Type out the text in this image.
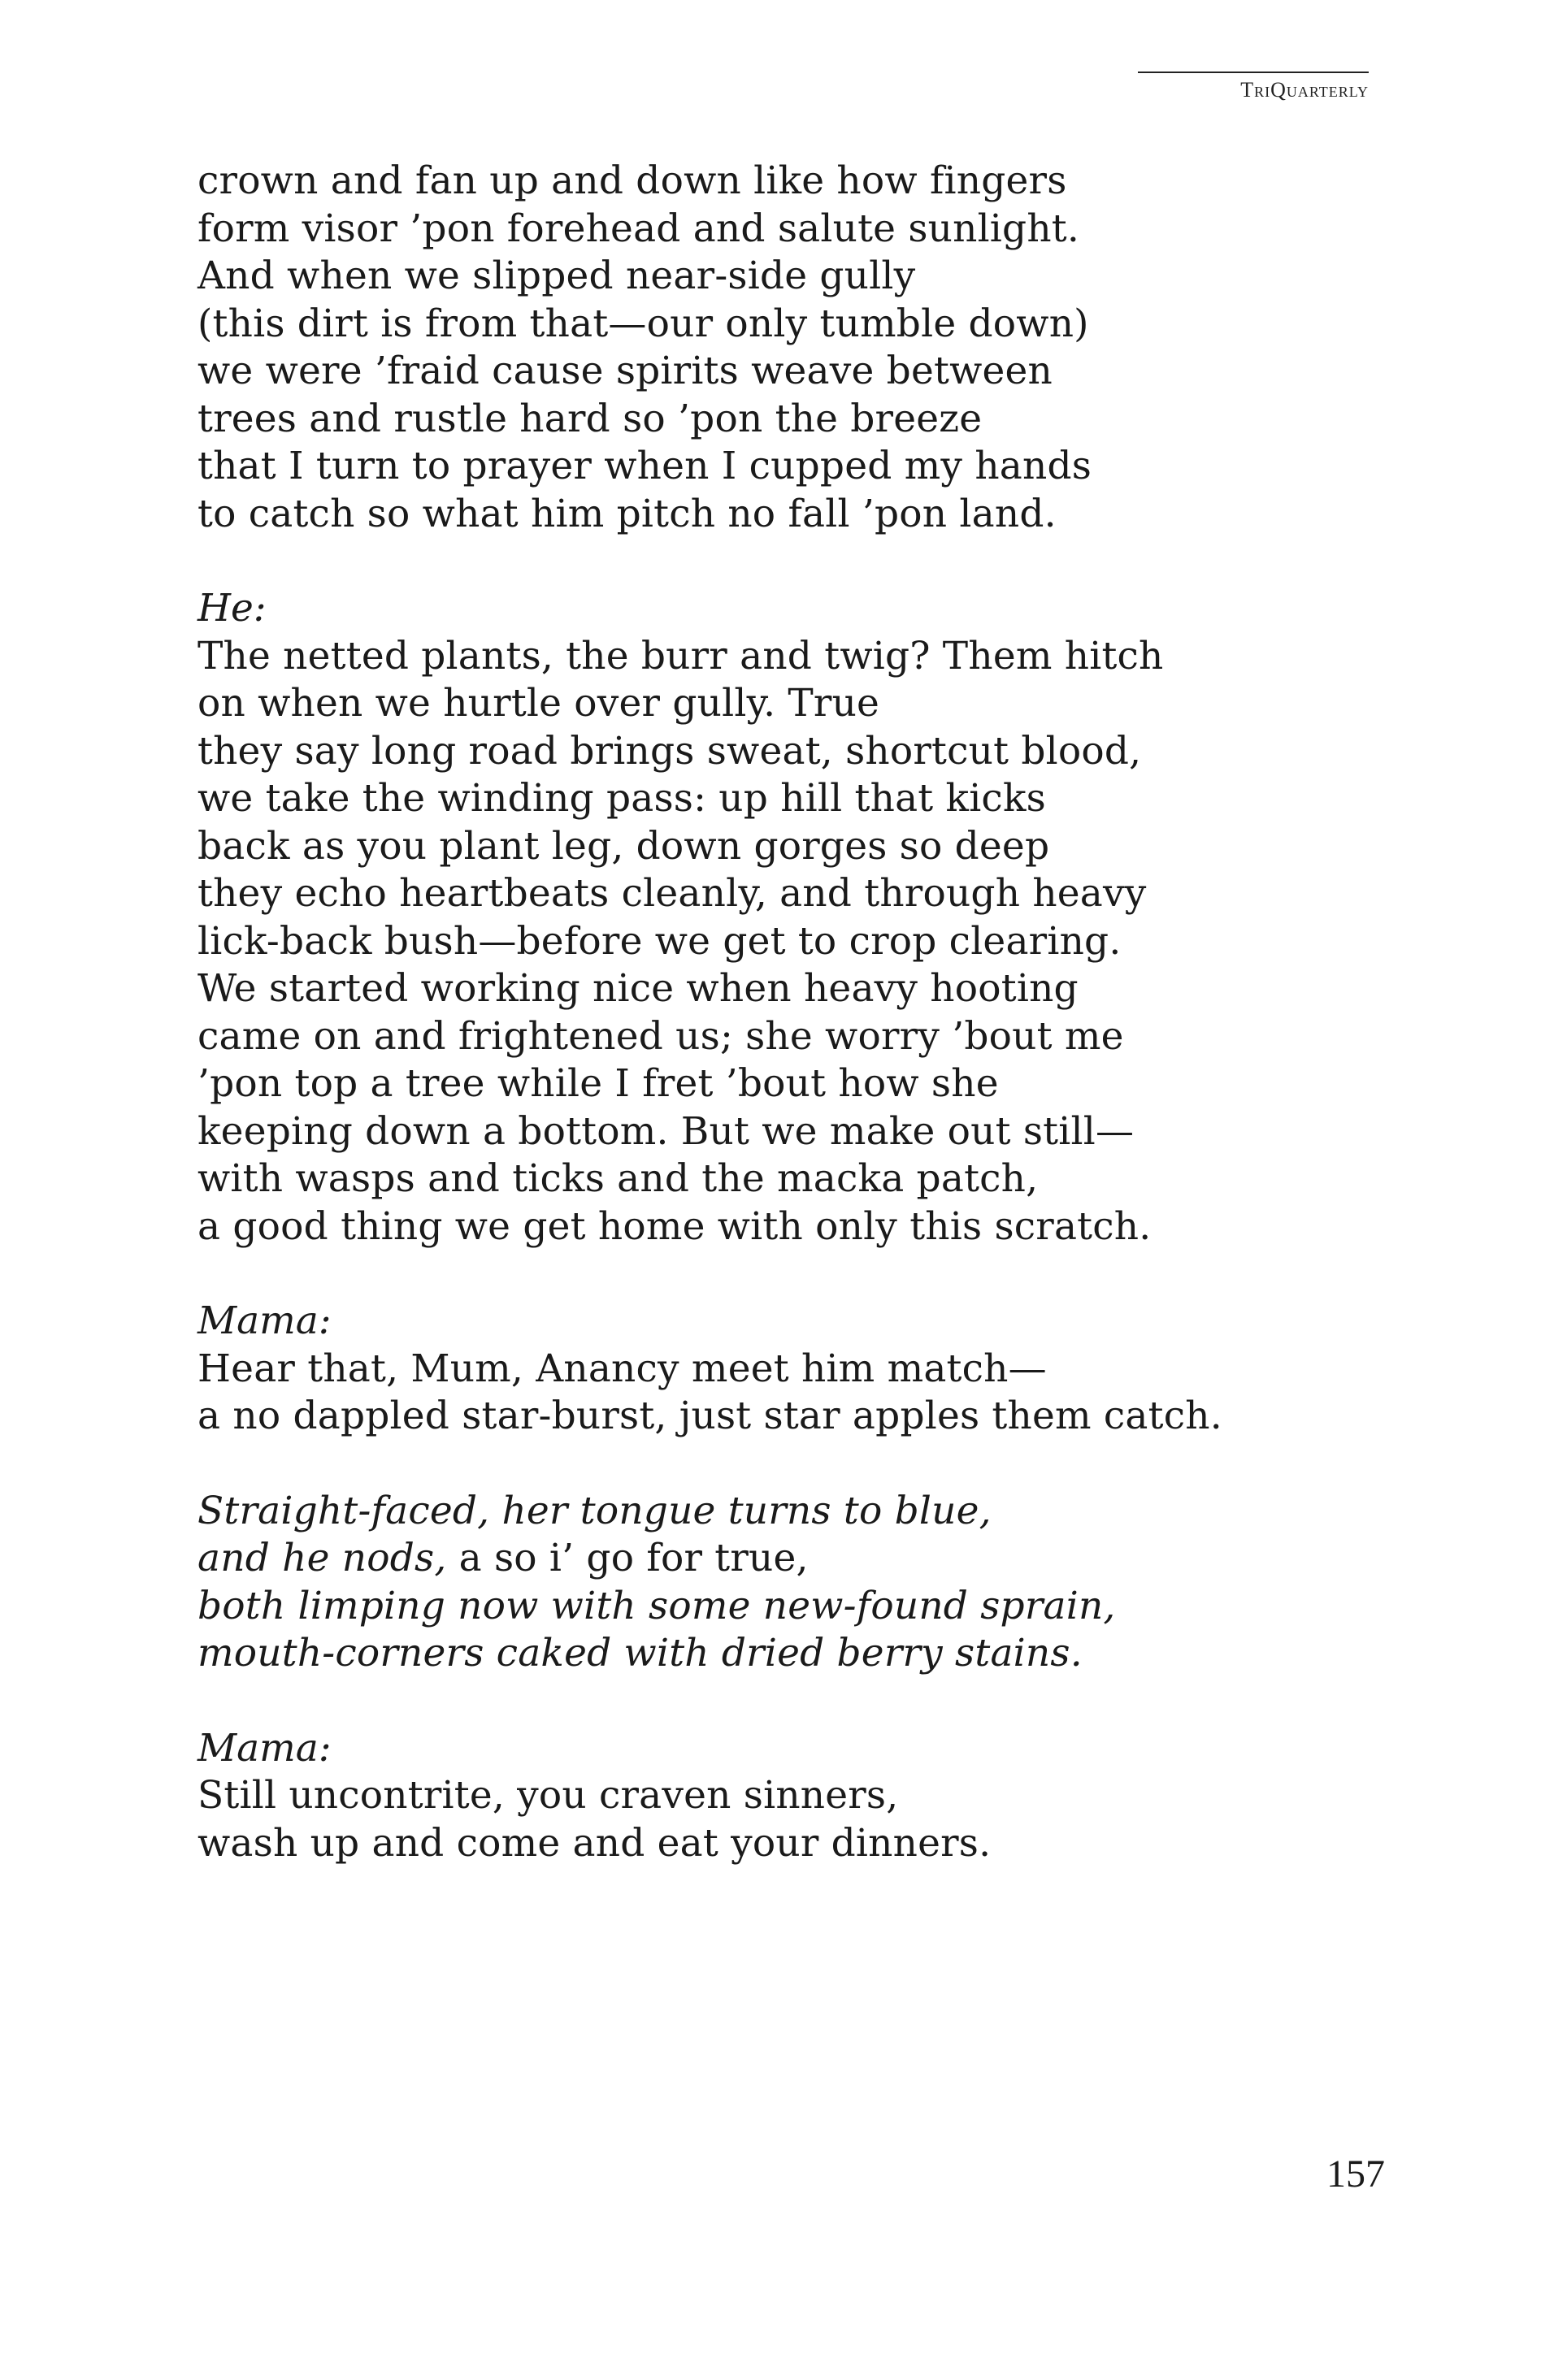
TriQuarterly
crown and fan up and down like how fingers
form visor ’pon forehead and salute sunlight.
And when we slipped near-side gully
(this dirt is from that—our only tumble down)
we were ’fraid cause spirits weave between
trees and rustle hard so ’pon the breeze
that I turn to prayer when I cupped my hands
to catch so what him pitch no fall ’pon land.
He:
The netted plants, the burr and twig? Them hitch
on when we hurtle over gully. True
they say long road brings sweat, shortcut blood,
we take the winding pass: up hill that kicks
back as you plant leg, down gorges so deep
they echo heartbeats cleanly, and through heavy
lick-back bush—before we get to crop clearing.
We started working nice when heavy hooting
came on and frightened us; she worry ’bout me
’pon top a tree while I fret ’bout how she
keeping down a bottom. But we make out still—
with wasps and ticks and the macka patch,
a good thing we get home with only this scratch.
Mama:
Hear that, Mum, Anancy meet him match—
a no dappled star-burst, just star apples them catch.
Straight-faced, her tongue turns to blue,
and he nods, a so i’ go for true,
both limping now with some new-found sprain,
mouth-corners caked with dried berry stains.
Mama:
Still uncontrite, you craven sinners,
wash up and come and eat your dinners.
157
